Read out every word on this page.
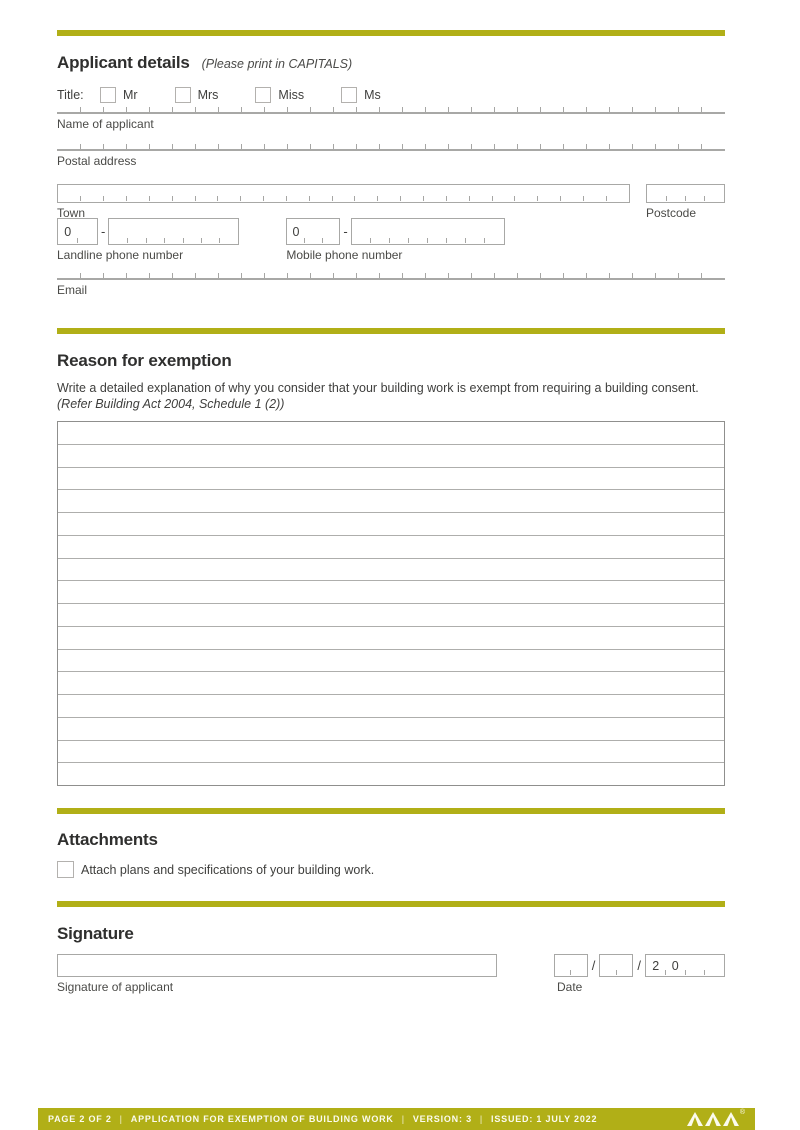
Applicant details (Please print in CAPITALS)
Title:	Mr	Mrs	Miss	Ms
Name of applicant
Postal address
Town	Postcode
0	-
Landline phone number
0	-
Mobile phone number
Email
Reason for exemption
Write a detailed explanation of why you consider that your building work is exempt from requiring a building consent.
(Refer Building Act 2004, Schedule 1 (2))
Attachments
Attach plans and specifications of your building work.
Signature
/	/ 2	0
Signature of applicant	Date
PAGE 2 OF 2 | APPLICATION FOR EXEMPTION OF BUILDING WORK | VERSION: 3 | ISSUED: 1 JULY 2022
®
